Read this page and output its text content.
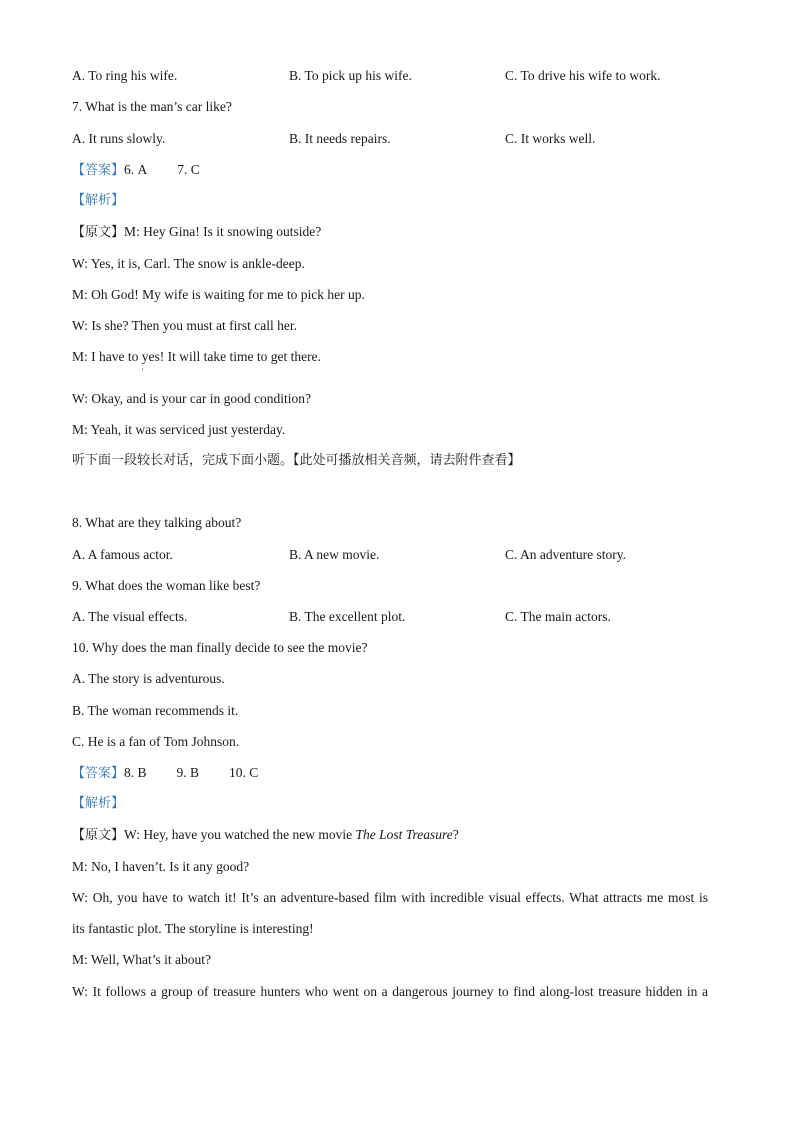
A. To ring his wife.	B. To pick up his wife.	C. To drive his wife to work.
7. What is the man’s car like?
A. It runs slowly.	B. It needs repairs.	C. It works well.
【答案】6. A 7. C
【解析】
【原文】M: Hey Gina! Is it snowing outside?
W: Yes, it is, Carl. The snow is ankle-deep.
M: Oh God! My wife is waiting for me to pick her up.
W: Is she? Then you must at first call her.
M: I have to yes! It will take time to get there.
'
W: Okay, and is your car in good condition?
M: Yeah, it was serviced just yesterday.
听下面一段较长对话，完成下面小题。【此处可播放相关音频，请去附件查看】
8. What are they talking about?
A. A famous actor.	B. A new movie.	C. An adventure story.
9. What does the woman like best?
A. The visual effects.	B. The excellent plot.	C. The main actors.
10. Why does the man finally decide to see the movie?
A. The story is adventurous.
B. The woman recommends it.
C. He is a fan of Tom Johnson.
【答案】8. B 9. B 10. C
【解析】
【原文】W: Hey, have you watched the new movie The Lost Treasure?
M: No, I haven’t. Is it any good?
W: Oh, you have to watch it! It’s an adventure-based film with incredible visual effects. What attracts me most is
its fantastic plot. The storyline is interesting!
M: Well, What’s it about?
W: It follows a group of treasure hunters who went on a dangerous journey to find along-lost treasure hidden in a
